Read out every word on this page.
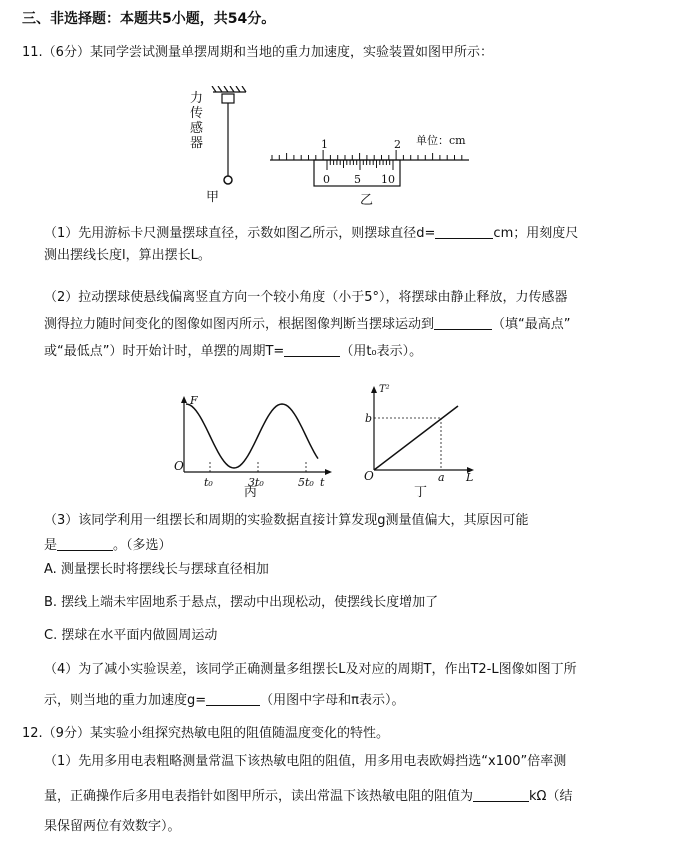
三、非选择题：本题共5小题，共54分。
11.（6分）某同学尝试测量单摆周期和当地的重力加速度，实验装置如图甲所示：
力
传
感
器
甲
单位：cm
1	2
0 5 10
乙
（1）先用游标卡尺测量摆球直径，示数如图乙所示，则摆球直径d=	cm；用刻度尺
测出摆线长度l，算出摆长L。
（2）拉动摆球使悬线偏离竖直方向一个较小角度（小于5°），将摆球由静止释放，力传感器
测得拉力随时间变化的图像如图丙所示，根据图像判断当摆球运动到	（填“最高点”
或“最低点”）时开始计时，单摆的周期T=	（用t₀表示）。
F
O
t₀	3t₀	5t₀ t
丙
T²
O
b
a L
丁
（3）该同学利用一组摆长和周期的实验数据直接计算发现g测量值偏大，其原因可能
是	。（多选）
A. 测量摆长时将摆线长与摆球直径相加
B. 摆线上端未牢固地系于悬点，摆动中出现松动，使摆线长度增加了
C. 摆球在水平面内做圆周运动
（4）为了减小实验误差，该同学正确测量多组摆长L及对应的周期T，作出T2-L图像如图丁所
示，则当地的重力加速度g=	（用图中字母和π表示）。
12.（9分）某实验小组探究热敏电阻的阻值随温度变化的特性。
（1）先用多用电表粗略测量常温下该热敏电阻的阻值，用多用电表欧姆挡选“x100”倍率测
量，正确操作后多用电表指针如图甲所示，读出常温下该热敏电阻的阻值为	kΩ（结
果保留两位有效数字）。
